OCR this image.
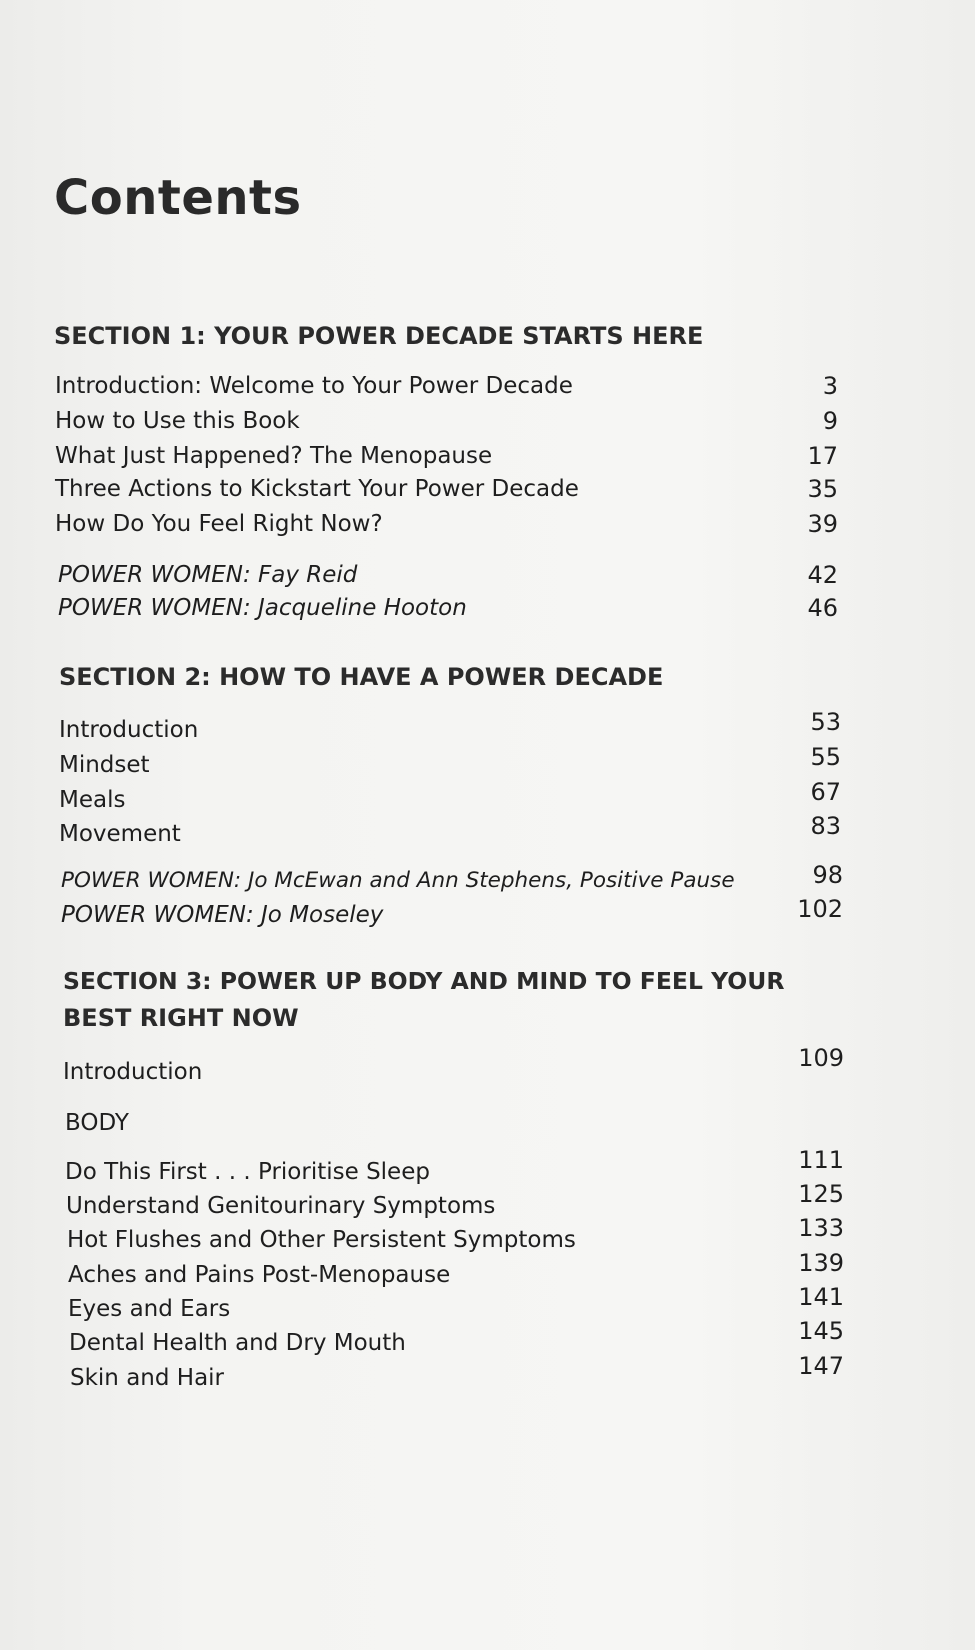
Contents
SECTION 1: YOUR POWER DECADE STARTS HERE
Introduction: Welcome to Your Power Decade	3
How to Use this Book	9
What Just Happened? The Menopause	17
Three Actions to Kickstart Your Power Decade	35
How Do You Feel Right Now?	39
POWER WOMEN: Fay Reid	42
POWER WOMEN: Jacqueline Hooton	46
SECTION 2: HOW TO HAVE A POWER DECADE
Introduction	53
Mindset	55
Meals	67
Movement	83
POWER WOMEN: Jo McEwan and Ann Stephens, Positive Pause	98
POWER WOMEN: Jo Moseley	102
SECTION 3: POWER UP BODY AND MIND TO FEEL YOUR
BEST RIGHT NOW
Introduction	109
BODY
Do This First . . . Prioritise Sleep	111
Understand Genitourinary Symptoms	125
Hot Flushes and Other Persistent Symptoms	133
Aches and Pains Post-Menopause	139
Eyes and Ears	141
Dental Health and Dry Mouth	145
Skin and Hair	147
